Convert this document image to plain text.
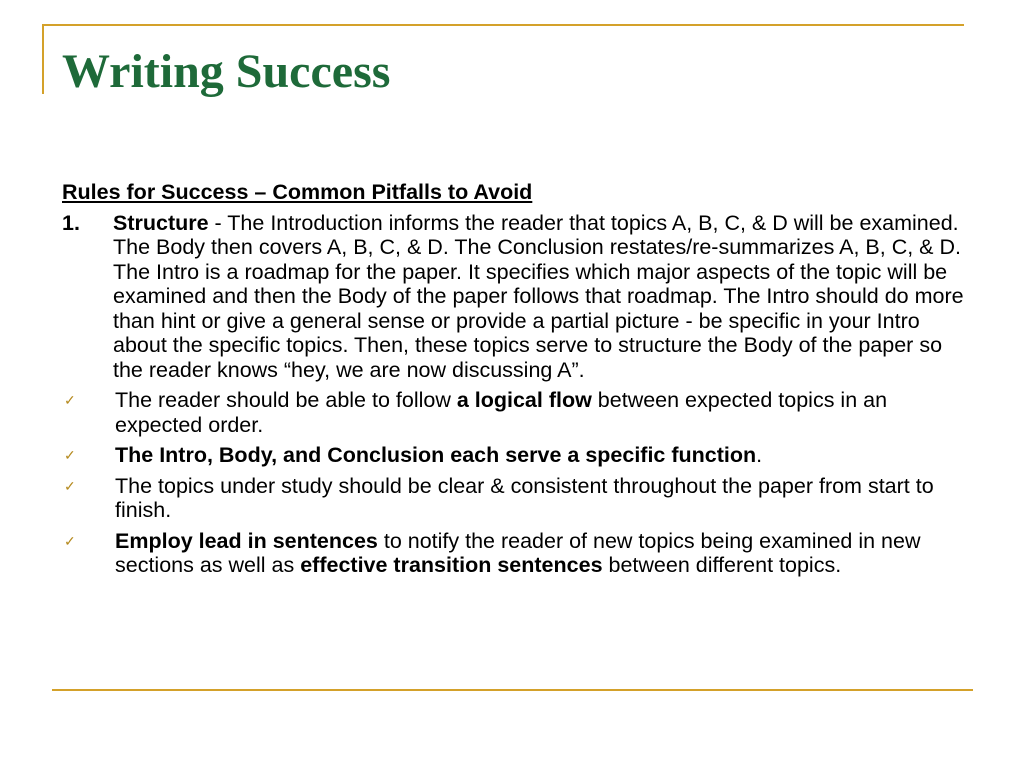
Writing Success
Rules for Success – Common Pitfalls to Avoid
1.	Structure - The Introduction informs the reader that topics A, B, C, & D will be examined. The Body then covers A, B, C, & D. The Conclusion restates/re-summarizes A, B, C, & D. The Intro is a roadmap for the paper. It specifies which major aspects of the topic will be examined and then the Body of the paper follows that roadmap. The Intro should do more than hint or give a general sense or provide a partial picture - be specific in your Intro about the specific topics. Then, these topics serve to structure the Body of the paper so the reader knows “hey, we are now discussing A”.
✓	The reader should be able to follow a logical flow between expected topics in an expected order.
✓	The Intro, Body, and Conclusion each serve a specific function.
✓	The topics under study should be clear & consistent throughout the paper from start to finish.
✓	Employ lead in sentences to notify the reader of new topics being examined in new sections as well as effective transition sentences between different topics.
